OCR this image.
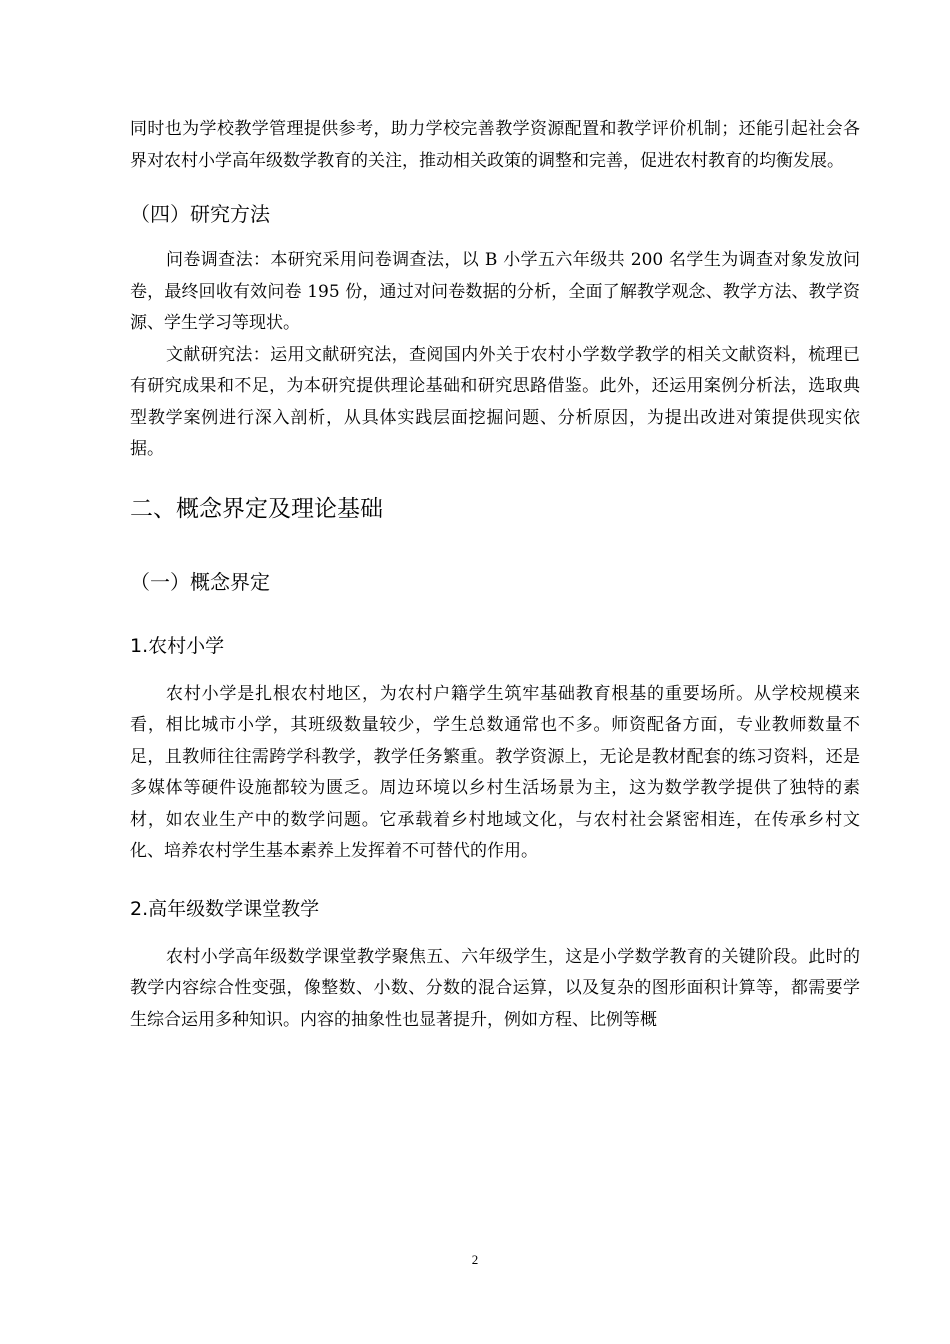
同时也为学校教学管理提供参考，助力学校完善教学资源配置和教学评价机制；还能引起社会各界对农村小学高年级数学教育的关注，推动相关政策的调整和完善，促进农村教育的均衡发展。

（四）研究方法

问卷调查法：本研究采用问卷调查法，以 B 小学五六年级共 200 名学生为调查对象发放问卷，最终回收有效问卷 195 份，通过对问卷数据的分析，全面了解教学观念、教学方法、教学资源、学生学习等现状。

文献研究法：运用文献研究法，查阅国内外关于农村小学数学教学的相关文献资料，梳理已有研究成果和不足，为本研究提供理论基础和研究思路借鉴。此外，还运用案例分析法，选取典型教学案例进行深入剖析，从具体实践层面挖掘问题、分析原因，为提出改进对策提供现实依据。

二、概念界定及理论基础
（一）概念界定
1.农村小学

农村小学是扎根农村地区，为农村户籍学生筑牢基础教育根基的重要场所。从学校规模来看，相比城市小学，其班级数量较少，学生总数通常也不多。师资配备方面，专业教师数量不足，且教师往往需跨学科教学，教学任务繁重。教学资源上，无论是教材配套的练习资料，还是多媒体等硬件设施都较为匮乏。周边环境以乡村生活场景为主，这为数学教学提供了独特的素材，如农业生产中的数学问题。它承载着乡村地域文化，与农村社会紧密相连，在传承乡村文化、培养农村学生基本素养上发挥着不可替代的作用。

2.高年级数学课堂教学

农村小学高年级数学课堂教学聚焦五、六年级学生，这是小学数学教育的关键阶段。此时的教学内容综合性变强，像整数、小数、分数的混合运算，以及复杂的图形面积计算等，都需要学生综合运用多种知识。内容的抽象性也显著提升，例如方程、比例等概

2
